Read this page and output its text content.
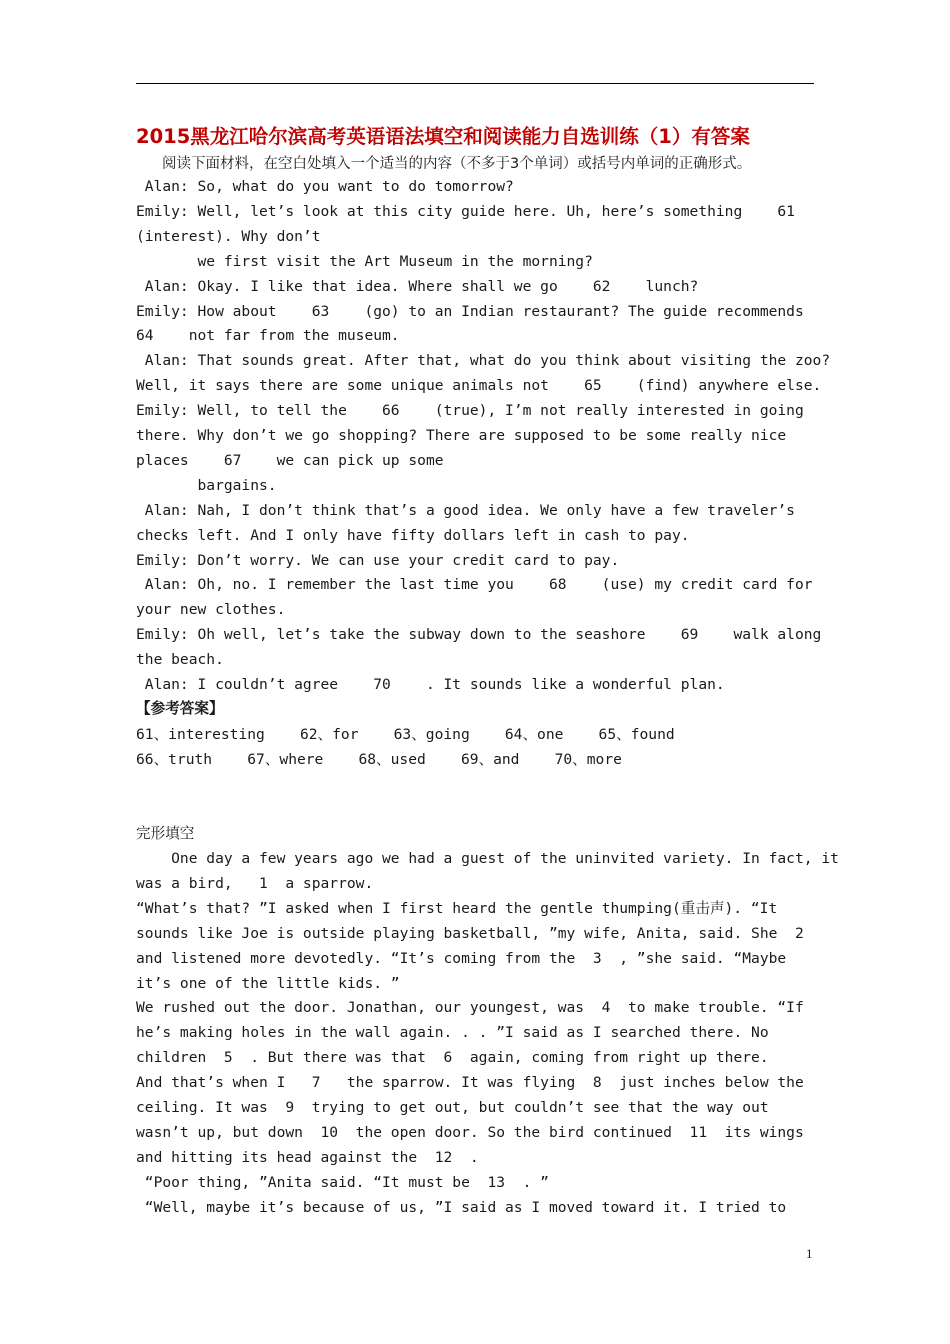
2015黑龙江哈尔滨高考英语语法填空和阅读能力自选训练（1）有答案
阅读下面材料，在空白处填入一个适当的内容（不多于3个单词）或括号内单词的正确形式。
Alan: So, what do you want to do tomorrow?
Emily: Well, let’s look at this city guide here. Uh, here’s something    61
(interest). Why don’t
we first visit the Art Museum in the morning?
Alan: Okay. I like that idea. Where shall we go    62    lunch?
Emily: How about    63    (go) to an Indian restaurant? The guide recommends
64    not far from the museum.
Alan: That sounds great. After that, what do you think about visiting the zoo?
Well, it says there are some unique animals not    65    (find) anywhere else.
Emily: Well, to tell the    66    (true), I’m not really interested in going
there. Why don’t we go shopping? There are supposed to be some really nice
places    67    we can pick up some
bargains.
Alan: Nah, I don’t think that’s a good idea. We only have a few traveler’s
checks left. And I only have fifty dollars left in cash to pay.
Emily: Don’t worry. We can use your credit card to pay.
Alan: Oh, no. I remember the last time you    68    (use) my credit card for
your new clothes.
Emily: Oh well, let’s take the subway down to the seashore    69    walk along
the beach.
Alan: I couldn’t agree    70    . It sounds like a wonderful plan.
【参考答案】
61、interesting    62、for    63、going    64、one    65、found
66、truth    67、where    68、used    69、and    70、more
完形填空
One day a few years ago we had a guest of the uninvited variety. In fact, it
was a bird,   1  a sparrow.
“What’s that? ”I asked when I first heard the gentle thumping(重击声). “It
sounds like Joe is outside playing basketball, ”my wife, Anita, said. She  2
and listened more devotedly. “It’s coming from the  3  , ”she said. “Maybe
it’s one of the little kids. ”
We rushed out the door. Jonathan, our youngest, was  4  to make trouble. “If
he’s making holes in the wall again. . . ”I said as I searched there. No
children  5  . But there was that  6  again, coming from right up there.
And that’s when I   7   the sparrow. It was flying  8  just inches below the
ceiling. It was  9  trying to get out, but couldn’t see that the way out
wasn’t up, but down  10  the open door. So the bird continued  11  its wings
and hitting its head against the  12  .
“Poor thing, ”Anita said. “It must be  13  . ”
“Well, maybe it’s because of us, ”I said as I moved toward it. I tried to
1
